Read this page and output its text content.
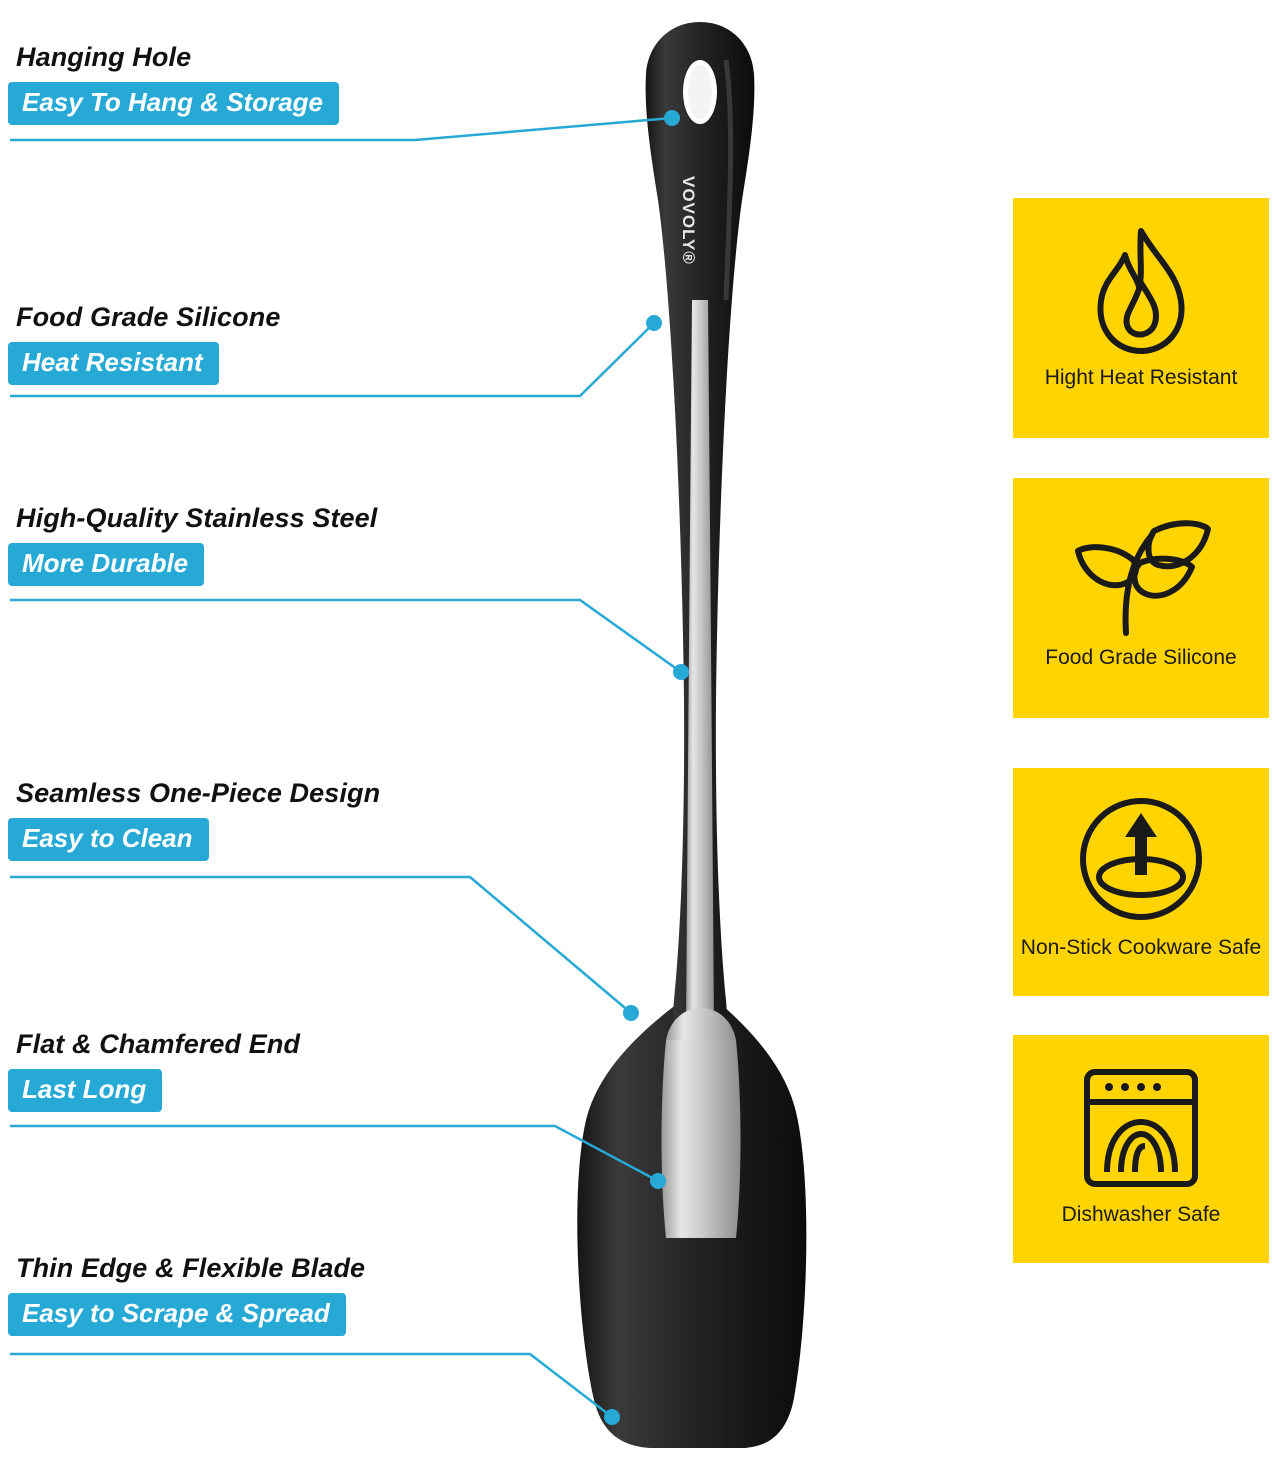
VOVOLY®
Hanging Hole
Easy To Hang & Storage
Food Grade Silicone
Heat Resistant
High-Quality Stainless Steel
More Durable
Seamless One-Piece Design
Easy to Clean
Flat & Chamfered End
Last Long
Thin Edge & Flexible Blade
Easy to Scrape & Spread
Hight Heat Resistant
Food Grade Silicone
Non-Stick Cookware Safe
Dishwasher Safe
